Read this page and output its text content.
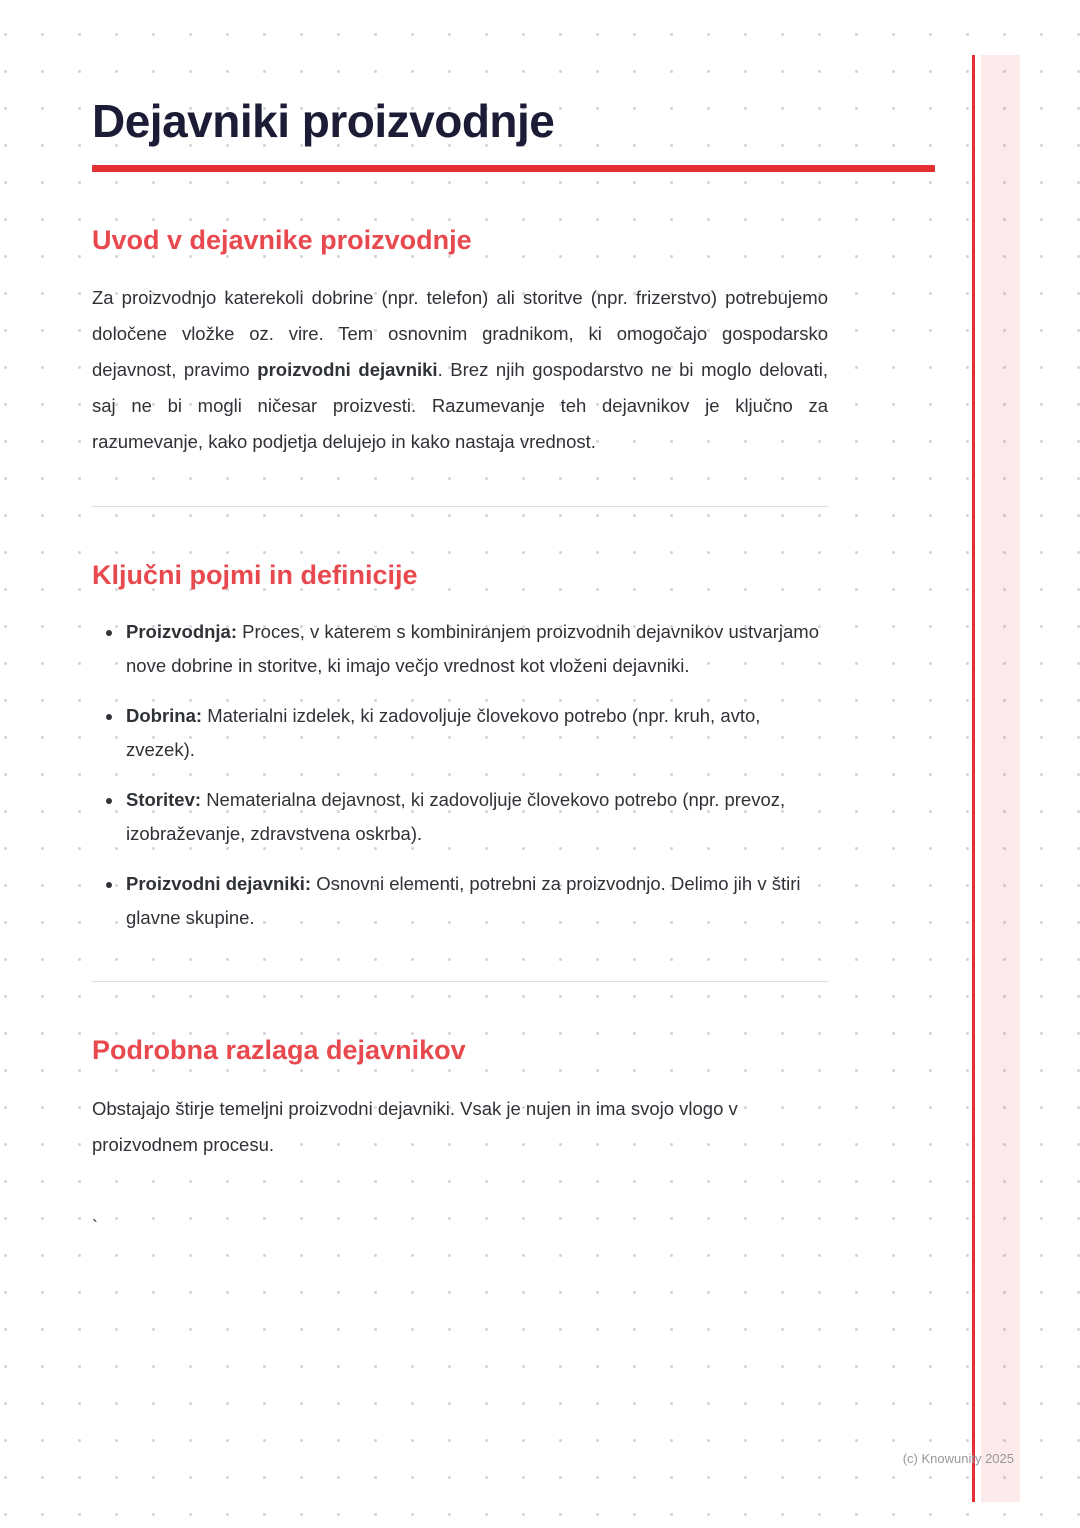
Dejavniki proizvodnje
Uvod v dejavnike proizvodnje

Za proizvodnjo katerekoli dobrine (npr. telefon) ali storitve (npr. frizerstvo) potrebujemo določene vložke oz. vire. Tem osnovnim gradnikom, ki omogočajo gospodarsko dejavnost, pravimo proizvodni dejavniki. Brez njih gospodarstvo ne bi moglo delovati, saj ne bi mogli ničesar proizvesti. Razumevanje teh dejavnikov je ključno za razumevanje, kako podjetja delujejo in kako nastaja vrednost.

Ključni pojmi in definicije
• Proizvodnja: Proces, v katerem s kombiniranjem proizvodnih dejavnikov ustvarjamo nove dobrine in storitve, ki imajo večjo vrednost kot vloženi dejavniki.
• Dobrina: Materialni izdelek, ki zadovoljuje človekovo potrebo (npr. kruh, avto, zvezek).
• Storitev: Nematerialna dejavnost, ki zadovoljuje človekovo potrebo (npr. prevoz, izobraževanje, zdravstvena oskrba).
• Proizvodni dejavniki: Osnovni elementi, potrebni za proizvodnjo. Delimo jih v štiri glavne skupine.
Podrobna razlaga dejavnikov

Obstajajo štirje temeljni proizvodni dejavniki. Vsak je nujen in ima svojo vlogo v proizvodnem procesu.

`

(c) Knowunity 2025
